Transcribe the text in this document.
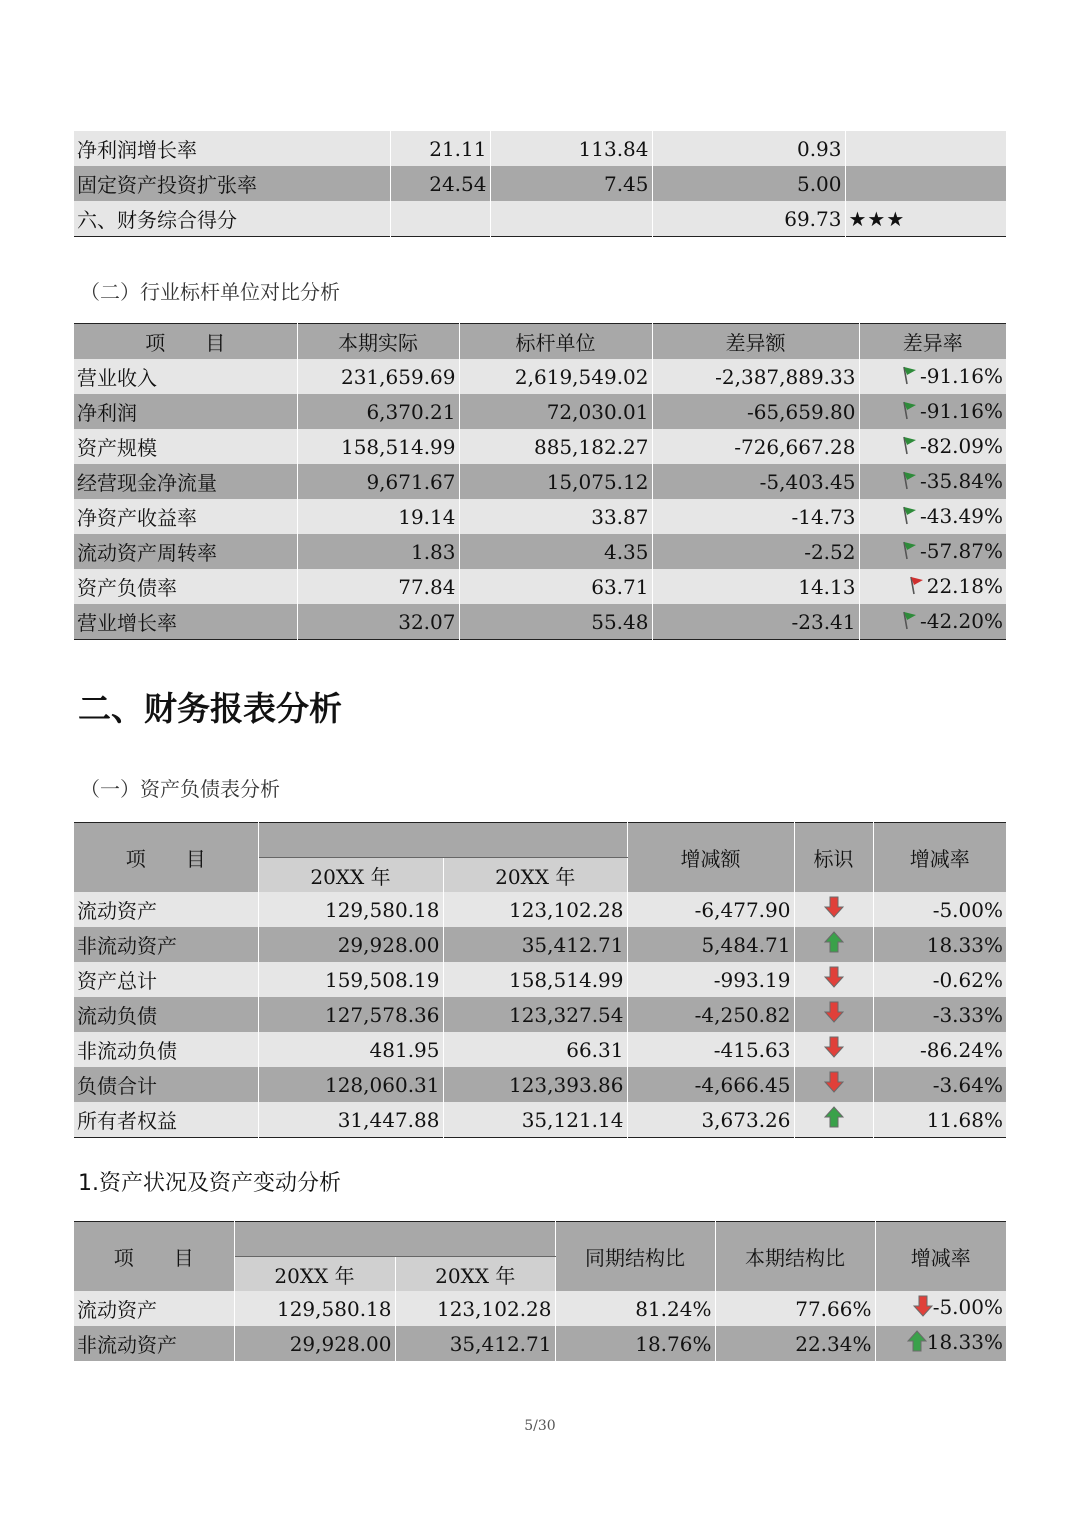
净利润增长率	21.11	113.84	0.93	
固定资产投资扩张率	24.54	7.45	5.00	
六、财务综合得分			69.73	★★★
（二）行业标杆单位对比分析
项　　目	本期实际	标杆单位	差异额	差异率
营业收入	231,659.69	2,619,549.02	-2,387,889.33	-91.16%
净利润	6,370.21	72,030.01	-65,659.80	-91.16%
资产规模	158,514.99	885,182.27	-726,667.28	-82.09%
经营现金净流量	9,671.67	15,075.12	-5,403.45	-35.84%
净资产收益率	19.14	33.87	-14.73	-43.49%
流动资产周转率	1.83	4.35	-2.52	-57.87%
资产负债率	77.84	63.71	14.13	22.18%
营业增长率	32.07	55.48	-23.41	-42.20%
二、财务报表分析
（一）资产负债表分析
项　　目			增减额	标识	增减率
	20XX 年	20XX 年			
流动资产	129,580.18	123,102.28	-6,477.90		-5.00%
非流动资产	29,928.00	35,412.71	5,484.71		18.33%
资产总计	159,508.19	158,514.99	-993.19		-0.62%
流动负债	127,578.36	123,327.54	-4,250.82		-3.33%
非流动负债	481.95	66.31	-415.63		-86.24%
负债合计	128,060.31	123,393.86	-4,666.45		-3.64%
所有者权益	31,447.88	35,121.14	3,673.26		11.68%
1.资产状况及资产变动分析
项　　目			同期结构比	本期结构比	增减率
	20XX 年	20XX 年			
流动资产	129,580.18	123,102.28	81.24%	77.66%	-5.00%
非流动资产	29,928.00	35,412.71	18.76%	22.34%	18.33%
5/30
